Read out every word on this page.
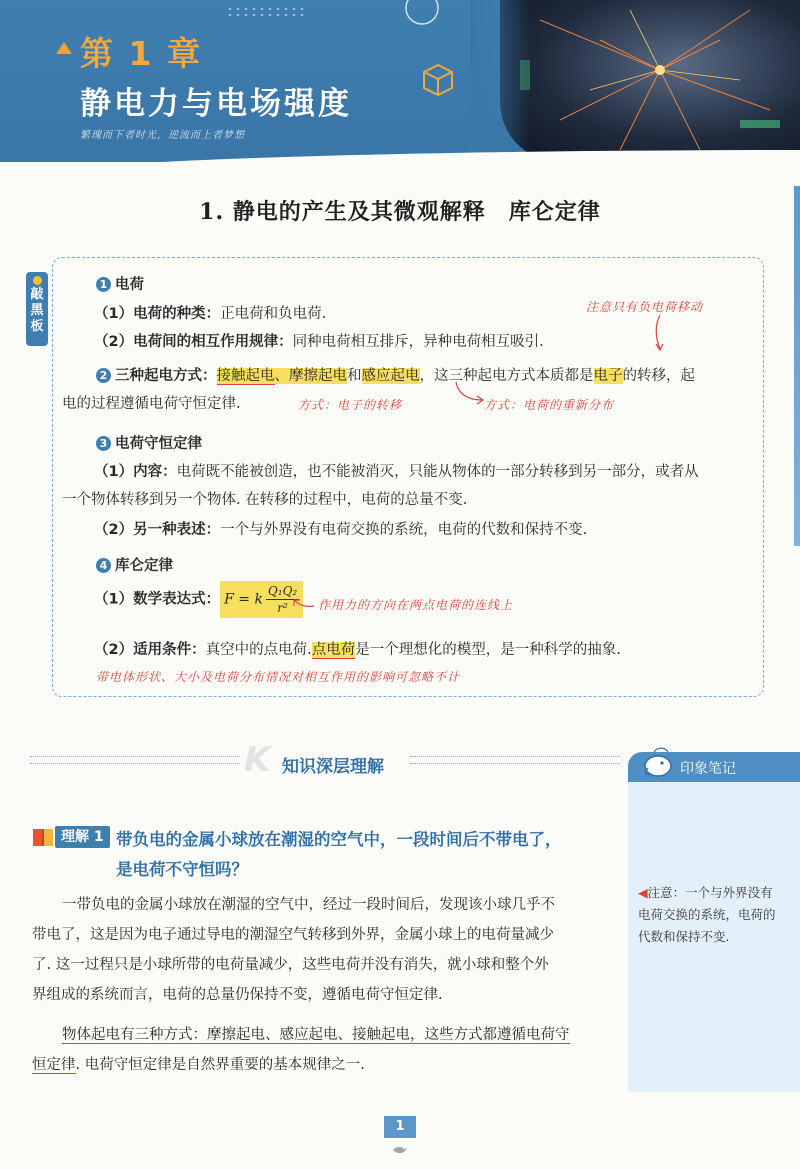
第 1 章
静电力与电场强度
繁瑰而下者时光，逆流而上者梦想
1. 静电的产生及其微观解释　库仑定律
敲黑板
1 电荷
（1）电荷的种类：正电荷和负电荷.
（2）电荷间的相互作用规律：同种电荷相互排斥，异种电荷相互吸引.
注意只有负电荷移动
2 三种起电方式：接触起电、摩擦起电和感应起电，这三种起电方式本质都是电子的转移，起
电的过程遵循电荷守恒定律.	方式：电子的转移	方式：电荷的重新分布
3 电荷守恒定律
（1）内容：电荷既不能被创造，也不能被消灭，只能从物体的一部分转移到另一部分，或者从
一个物体转移到另一个物体. 在转移的过程中，电荷的总量不变.
（2）另一种表述：一个与外界没有电荷交换的系统，电荷的代数和保持不变.
4 库仑定律
（1）数学表达式： F = k $\frac{\text{Q₁Q₂}}{\text{r²}}$ 作用力的方向在两点电荷的连线上
（2）适用条件：真空中的点电荷.点电荷是一个理想化的模型，是一种科学的抽象.
带电体形状、大小及电荷分布情况对相互作用的影响可忽略不计
K 知识深层理解	印象笔记
◀注意：一个与外界没有电荷交换的系统，电荷的代数和保持不变.
理解 1 带负电的金属小球放在潮湿的空气中，一段时间后不带电了，
是电荷不守恒吗？
一带负电的金属小球放在潮湿的空气中，经过一段时间后，发现该小球几乎不
带电了，这是因为电子通过导电的潮湿空气转移到外界，金属小球上的电荷量减少
了. 这一过程只是小球所带的电荷量减少，这些电荷并没有消失，就小球和整个外
界组成的系统而言，电荷的总量仍保持不变，遵循电荷守恒定律.
物体起电有三种方式：摩擦起电、感应起电、接触起电，这些方式都遵循电荷守
恒定律. 电荷守恒定律是自然界重要的基本规律之一.
1
